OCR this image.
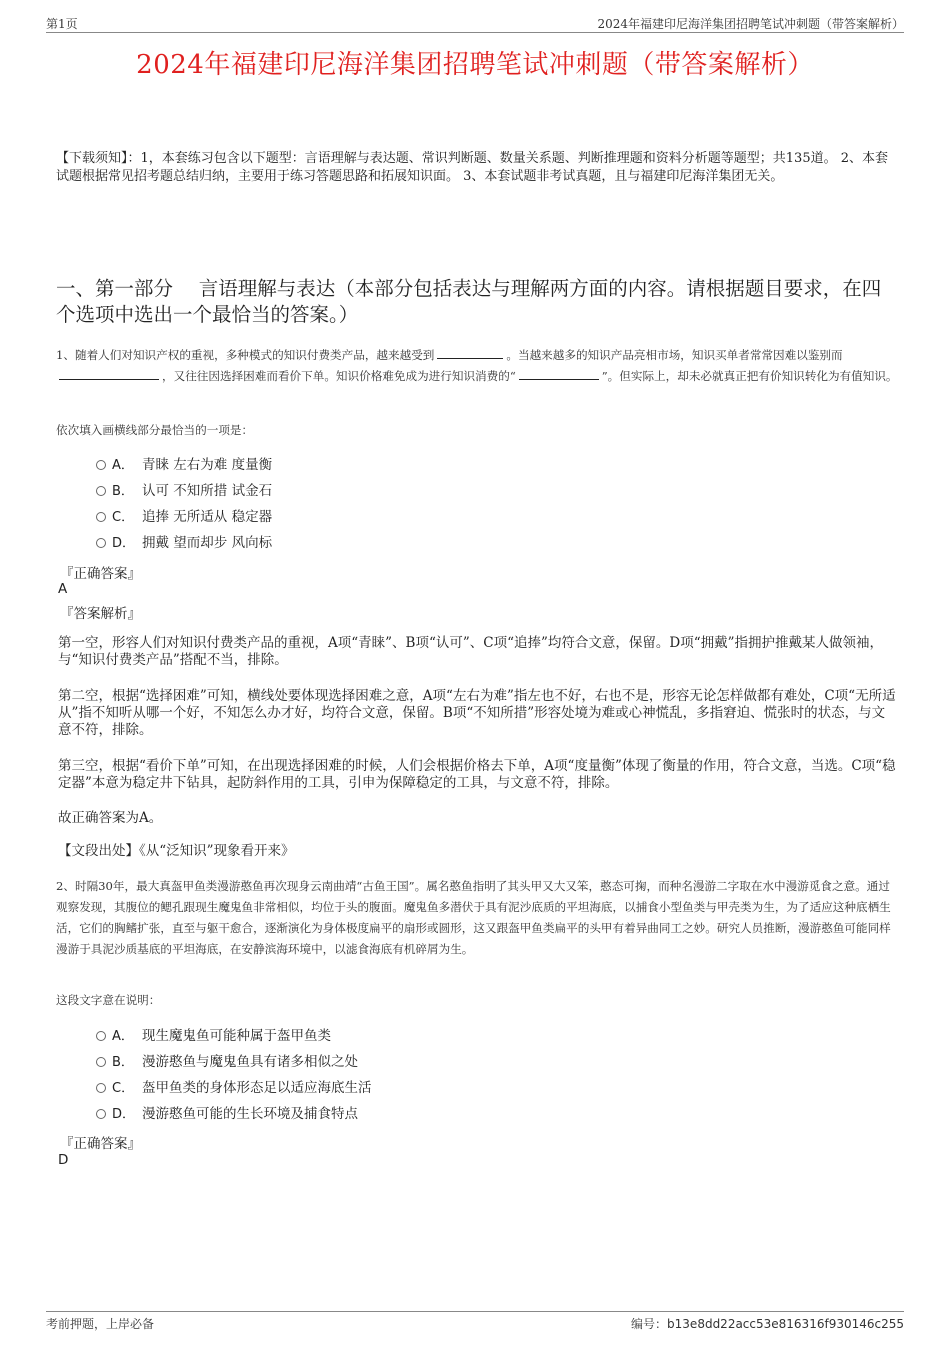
第1页	2024年福建印尼海洋集团招聘笔试冲刺题（带答案解析）
2024年福建印尼海洋集团招聘笔试冲刺题（带答案解析）
【下载须知】：1，本套练习包含以下题型：言语理解与表达题、常识判断题、数量关系题、判断推理题和资料分析题等题型；共135道。 2、本套试题根据常见招考题总结归纳，主要用于练习答题思路和拓展知识面。 3、本套试题非考试真题，且与福建印尼海洋集团无关。
一、第一部分　 言语理解与表达（本部分包括表达与理解两方面的内容。请根据题目要求，在四个选项中选出一个最恰当的答案。）
1、随着人们对知识产权的重视，多种模式的知识付费类产品，越来越受到	。当越来越多的知识产品亮相市场，知识买单者常常因难以鉴别而，又往往因选择困难而看价下单。知识价格难免成为进行知识消费的“	”。但实际上，却未必就真正把有价知识转化为有值知识。
依次填入画横线部分最恰当的一项是：
A． 青睐 左右为难 度量衡
B． 认可 不知所措 试金石
C． 追捧 无所适从 稳定器
D． 拥戴 望而却步 风向标
『正确答案』
A
『答案解析』
第一空，形容人们对知识付费类产品的重视，A项“青睐”、B项“认可”、C项“追捧”均符合文意，保留。D项“拥戴”指拥护推戴某人做领袖，与“知识付费类产品”搭配不当，排除。
第二空，根据“选择困难”可知，横线处要体现选择困难之意，A项“左右为难”指左也不好，右也不是，形容无论怎样做都有难处，C项“无所适从”指不知听从哪一个好，不知怎么办才好，均符合文意，保留。B项“不知所措”形容处境为难或心神慌乱，多指窘迫、慌张时的状态，与文意不符，排除。
第三空，根据“看价下单”可知，在出现选择困难的时候，人们会根据价格去下单，A项“度量衡”体现了衡量的作用，符合文意，当选。C项“稳定器”本意为稳定井下钻具，起防斜作用的工具，引申为保障稳定的工具，与文意不符，排除。
故正确答案为A。
【文段出处】《从“泛知识”现象看开来》
2、时隔30年，最大真盔甲鱼类漫游憨鱼再次现身云南曲靖“古鱼王国”。属名憨鱼指明了其头甲又大又笨，憨态可掬，而种名漫游二字取在水中漫游觅食之意。通过观察发现，其腹位的鳃孔跟现生魔鬼鱼非常相似，均位于头的腹面。魔鬼鱼多潜伏于具有泥沙底质的平坦海底，以捕食小型鱼类与甲壳类为生，为了适应这种底栖生活，它们的胸鳍扩张，直至与躯干愈合，逐渐演化为身体极度扁平的扇形或圆形，这又跟盔甲鱼类扁平的头甲有着异曲同工之妙。研究人员推断，漫游憨鱼可能同样漫游于具泥沙质基底的平坦海底，在安静滨海环境中，以滤食海底有机碎屑为生。
这段文字意在说明：
A． 现生魔鬼鱼可能种属于盔甲鱼类
B． 漫游憨鱼与魔鬼鱼具有诸多相似之处
C． 盔甲鱼类的身体形态足以适应海底生活
D． 漫游憨鱼可能的生长环境及捕食特点
『正确答案』
D
考前押题，上岸必备	编号：b13e8dd22acc53e816316f930146c255
